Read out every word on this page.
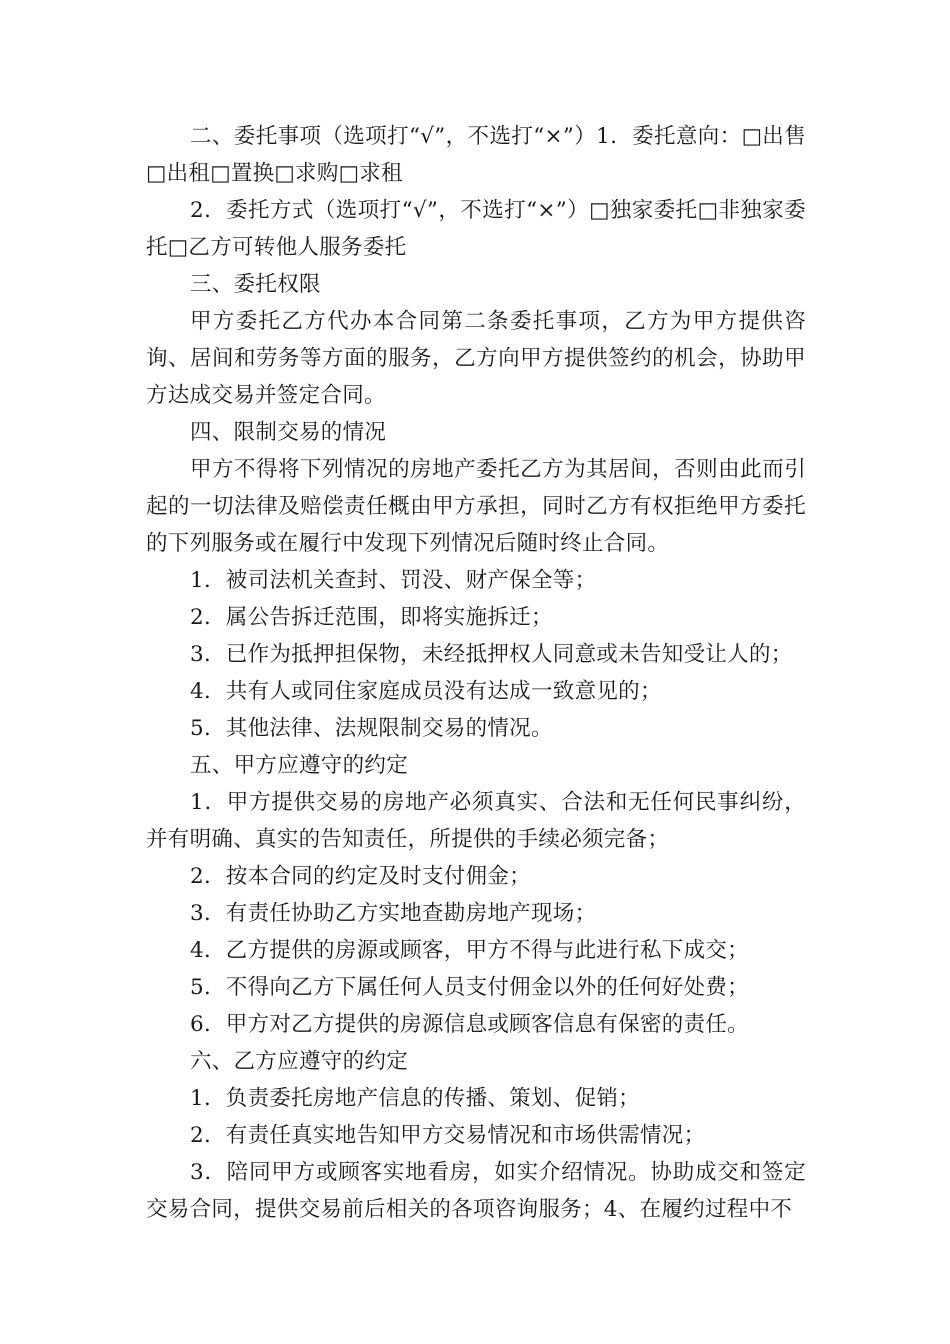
二、委托事项（选项打“√”，不选打“×”）1．委托意向：□出售□出租□置换□求购□求租

2．委托方式（选项打“√”，不选打“×”）□独家委托□非独家委托□乙方可转他人服务委托

三、委托权限

甲方委托乙方代办本合同第二条委托事项，乙方为甲方提供咨询、居间和劳务等方面的服务，乙方向甲方提供签约的机会，协助甲方达成交易并签定合同。

四、限制交易的情况

甲方不得将下列情况的房地产委托乙方为其居间，否则由此而引起的一切法律及赔偿责任概由甲方承担，同时乙方有权拒绝甲方委托的下列服务或在履行中发现下列情况后随时终止合同。

1．被司法机关查封、罚没、财产保全等；

2．属公告拆迁范围，即将实施拆迁；

3．已作为抵押担保物，未经抵押权人同意或未告知受让人的；

4．共有人或同住家庭成员没有达成一致意见的；

5．其他法律、法规限制交易的情况。

五、甲方应遵守的约定

1．甲方提供交易的房地产必须真实、合法和无任何民事纠纷，并有明确、真实的告知责任，所提供的手续必须完备；

2．按本合同的约定及时支付佣金；

3．有责任协助乙方实地查勘房地产现场；

4．乙方提供的房源或顾客，甲方不得与此进行私下成交；

5．不得向乙方下属任何人员支付佣金以外的任何好处费；

6．甲方对乙方提供的房源信息或顾客信息有保密的责任。

六、乙方应遵守的约定

1．负责委托房地产信息的传播、策划、促销；

2．有责任真实地告知甲方交易情况和市场供需情况；

3．陪同甲方或顾客实地看房，如实介绍情况。协助成交和签定交易合同，提供交易前后相关的各项咨询服务；4、在履约过程中不
